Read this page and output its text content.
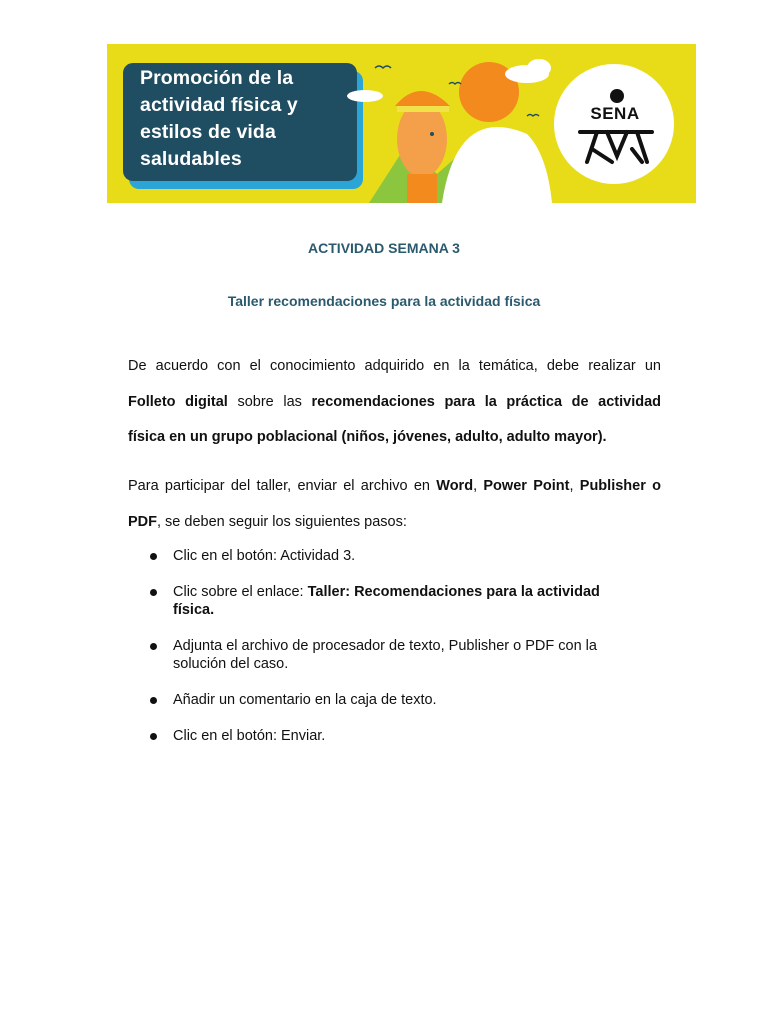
Promoción de la
actividad física y
estilos de vida
saludables
SENA
ACTIVIDAD SEMANA 3
Taller recomendaciones para la actividad física
De acuerdo con el conocimiento adquirido en la temática, debe realizar un
Folleto digital sobre las recomendaciones para la práctica de actividad
física en un grupo poblacional (niños, jóvenes, adulto, adulto mayor).
Para participar del taller, enviar el archivo en Word, Power Point, Publisher o
PDF, se deben seguir los siguientes pasos:
Clic en el botón: Actividad 3.
Clic sobre el enlace: Taller: Recomendaciones para la actividad física.
Adjunta el archivo de procesador de texto, Publisher o PDF con la solución del caso.
Añadir un comentario en la caja de texto.
Clic en el botón: Enviar.
